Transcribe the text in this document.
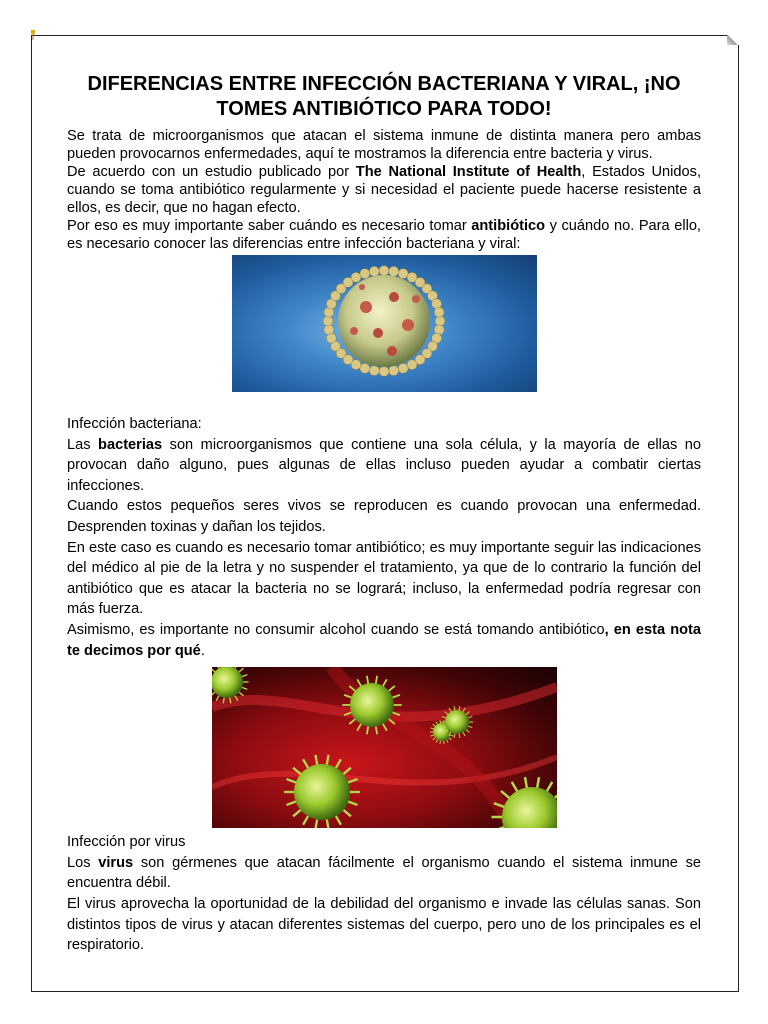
DIFERENCIAS ENTRE INFECCIÓN BACTERIANA Y VIRAL, ¡NO TOMES ANTIBIÓTICO PARA TODO!

Se trata de microorganismos que atacan el sistema inmune de distinta manera pero ambas pueden provocarnos enfermedades, aquí te mostramos la diferencia entre bacteria y virus.

De acuerdo con un estudio publicado por The National Institute of Health, Estados Unidos, cuando se toma antibiótico regularmente y si necesidad el paciente puede hacerse resistente a ellos, es decir, que no hagan efecto.

Por eso es muy importante saber cuándo es necesario tomar antibiótico y cuándo no. Para ello, es necesario conocer las diferencias entre infección bacteriana y viral:

Infección bacteriana:

Las bacterias son microorganismos que contiene una sola célula, y la mayoría de ellas no provocan daño alguno, pues algunas de ellas incluso pueden ayudar a combatir ciertas infecciones.

Cuando estos pequeños seres vivos se reproducen es cuando provocan una enfermedad. Desprenden toxinas y dañan los tejidos.

En este caso es cuando es necesario tomar antibiótico; es muy importante seguir las indicaciones del médico al pie de la letra y no suspender el tratamiento, ya que de lo contrario la función del antibiótico que es atacar la bacteria no se logrará; incluso, la enfermedad podría regresar con más fuerza.

Asimismo, es importante no consumir alcohol cuando se está tomando antibiótico, en esta nota te decimos por qué.

Infección por virus

Los virus son gérmenes que atacan fácilmente el organismo cuando el sistema inmune se encuentra débil.

El virus aprovecha la oportunidad de la debilidad del organismo e invade las células sanas. Son distintos tipos de virus y atacan diferentes sistemas del cuerpo, pero uno de los principales es el respiratorio.
